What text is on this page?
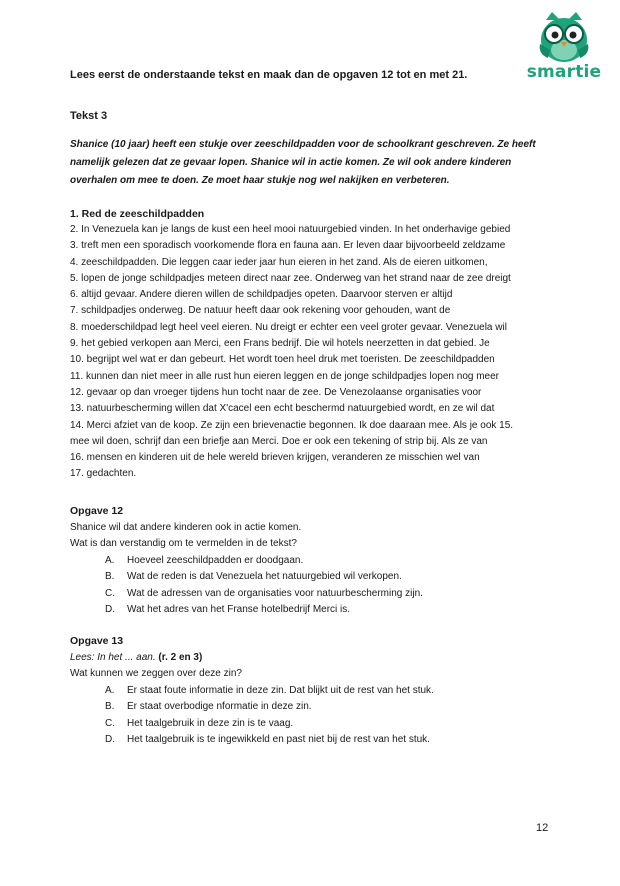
smartie
Lees eerst de onderstaande tekst en maak dan de opgaven 12 tot en met 21.
Tekst 3
Shanice (10 jaar) heeft een stukje over zeeschildpadden voor de schoolkrant geschreven. Ze heeft namelijk gelezen dat ze gevaar lopen. Shanice wil in actie komen. Ze wil ook andere kinderen overhalen om mee te doen. Ze moet haar stukje nog wel nakijken en verbeteren.
1. Red de zeeschildpadden
2. In Venezuela kan je langs de kust een heel mooi natuurgebied vinden. In het onderhavige gebied
3. treft men een sporadisch voorkomende flora en fauna aan. Er leven daar bijvoorbeeld zeldzame
4. zeeschildpadden. Die leggen caar ieder jaar hun eieren in het zand. Als de eieren uitkomen,
5. lopen de jonge schildpadjes meteen direct naar zee. Onderweg van het strand naar de zee dreigt
6. altijd gevaar. Andere dieren willen de schildpadjes opeten. Daarvoor sterven er altijd
7. schildpadjes onderweg. De natuur heeft daar ook rekening voor gehouden, want de
8. moederschildpad legt heel veel eieren. Nu dreigt er echter een veel groter gevaar. Venezuela wil
9. het gebied verkopen aan Merci, een Frans bedrijf. Die wil hotels neerzetten in dat gebied. Je
10. begrijpt wel wat er dan gebeurt. Het wordt toen heel druk met toeristen. De zeeschildpadden
11. kunnen dan niet meer in alle rust hun eieren leggen en de jonge schildpadjes lopen nog meer
12. gevaar op dan vroeger tijdens hun tocht naar de zee. De Venezolaanse organisaties voor
13. natuurbescherming willen dat X'cacel een echt beschermd natuurgebied wordt, en ze wil dat
14. Merci afziet van de koop. Ze zijn een brievenactie begonnen. Ik doe daaraan mee. Als je ook 15.
mee wil doen, schrijf dan een briefje aan Merci. Doe er ook een tekening of strip bij. Als ze van
16. mensen en kinderen uit de hele wereld brieven krijgen, veranderen ze misschien wel van
17. gedachten.
Opgave 12
Shanice wil dat andere kinderen ook in actie komen.
Wat is dan verstandig om te vermelden in de tekst?
A. Hoeveel zeeschildpadden er doodgaan.
B. Wat de reden is dat Venezuela het natuurgebied wil verkopen.
C. Wat de adressen van de organisaties voor natuurbescherming zijn.
D. Wat het adres van het Franse hotelbedrijf Merci is.
Opgave 13
Lees: In het ... aan. (r. 2 en 3)
Wat kunnen we zeggen over deze zin?
A. Er staat foute informatie in deze zin. Dat blijkt uit de rest van het stuk.
B. Er staat overbodige nformatie in deze zin.
C. Het taalgebruik in deze zin is te vaag.
D. Het taalgebruik is te ingewikkeld en past niet bij de rest van het stuk.
12
